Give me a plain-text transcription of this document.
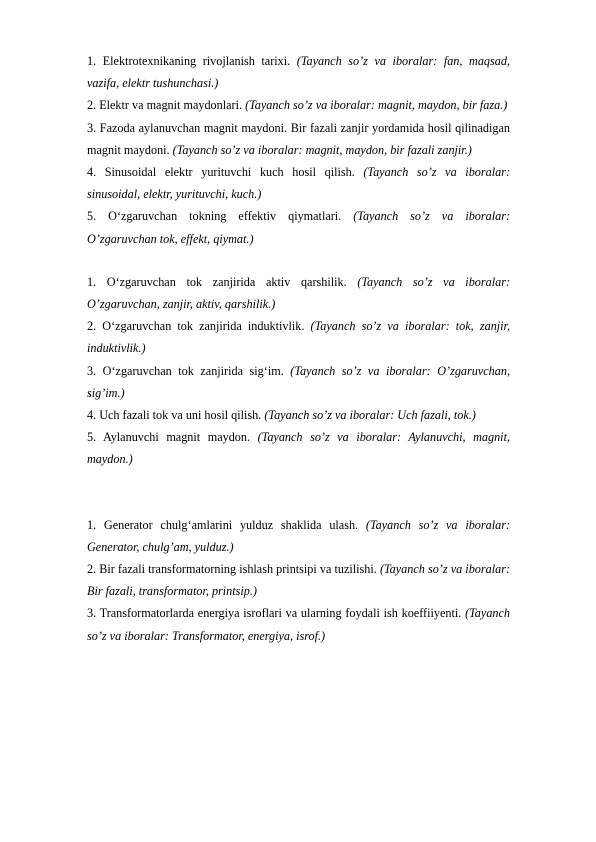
1. Elektrotexnikaning rivojlanish tarixi. (Tayanch so’z va iboralar: fan, maqsad, vazifa, elektr tushunchasi.)

2. Elektr va magnit maydonlari. (Tayanch so’z va iboralar: magnit, maydon, bir faza.)

3. Fazoda aylanuvchan magnit maydoni. Bir fazali zanjir yordamida hosil qilinadigan magnit maydoni. (Tayanch so’z va iboralar: magnit, maydon, bir fazali zanjir.)

4. Sinusoidal elektr yurituvchi kuch hosil qilish. (Tayanch so’z va iboralar: sinusoidal, elektr, yurituvchi, kuch.)

5. O‘zgaruvchan tokning effektiv qiymatlari. (Tayanch so’z va iboralar: O’zgaruvchan tok, effekt, qiymat.)

1. O‘zgaruvchan tok zanjirida aktiv qarshilik. (Tayanch so’z va iboralar: O’zgaruvchan, zanjir, aktiv, qarshilik.)

2. O‘zgaruvchan tok zanjirida induktivlik. (Tayanch so’z va iboralar: tok, zanjir, induktivlik.)

3. O‘zgaruvchan tok zanjirida sig‘im. (Tayanch so’z va iboralar: O’zgaruvchan, sig’im.)

4. Uch fazali tok va uni hosil qilish. (Tayanch so’z va iboralar: Uch fazali, tok.)

5. Aylanuvchi magnit maydon. (Tayanch so’z va iboralar: Aylanuvchi, magnit, maydon.)

1. Generator chulg‘amlarini yulduz shaklida ulash. (Tayanch so’z va iboralar: Generator, chulg’am, yulduz.)

2. Bir fazali transformatorning ishlash printsipi va tuzilishi. (Tayanch so’z va iboralar: Bir fazali, transformator, printsip.)

3. Transformatorlarda energiya isroflari va ularning foydali ish koeffiiyenti. (Tayanch so’z va iboralar: Transformator, energiya, isrof.)
